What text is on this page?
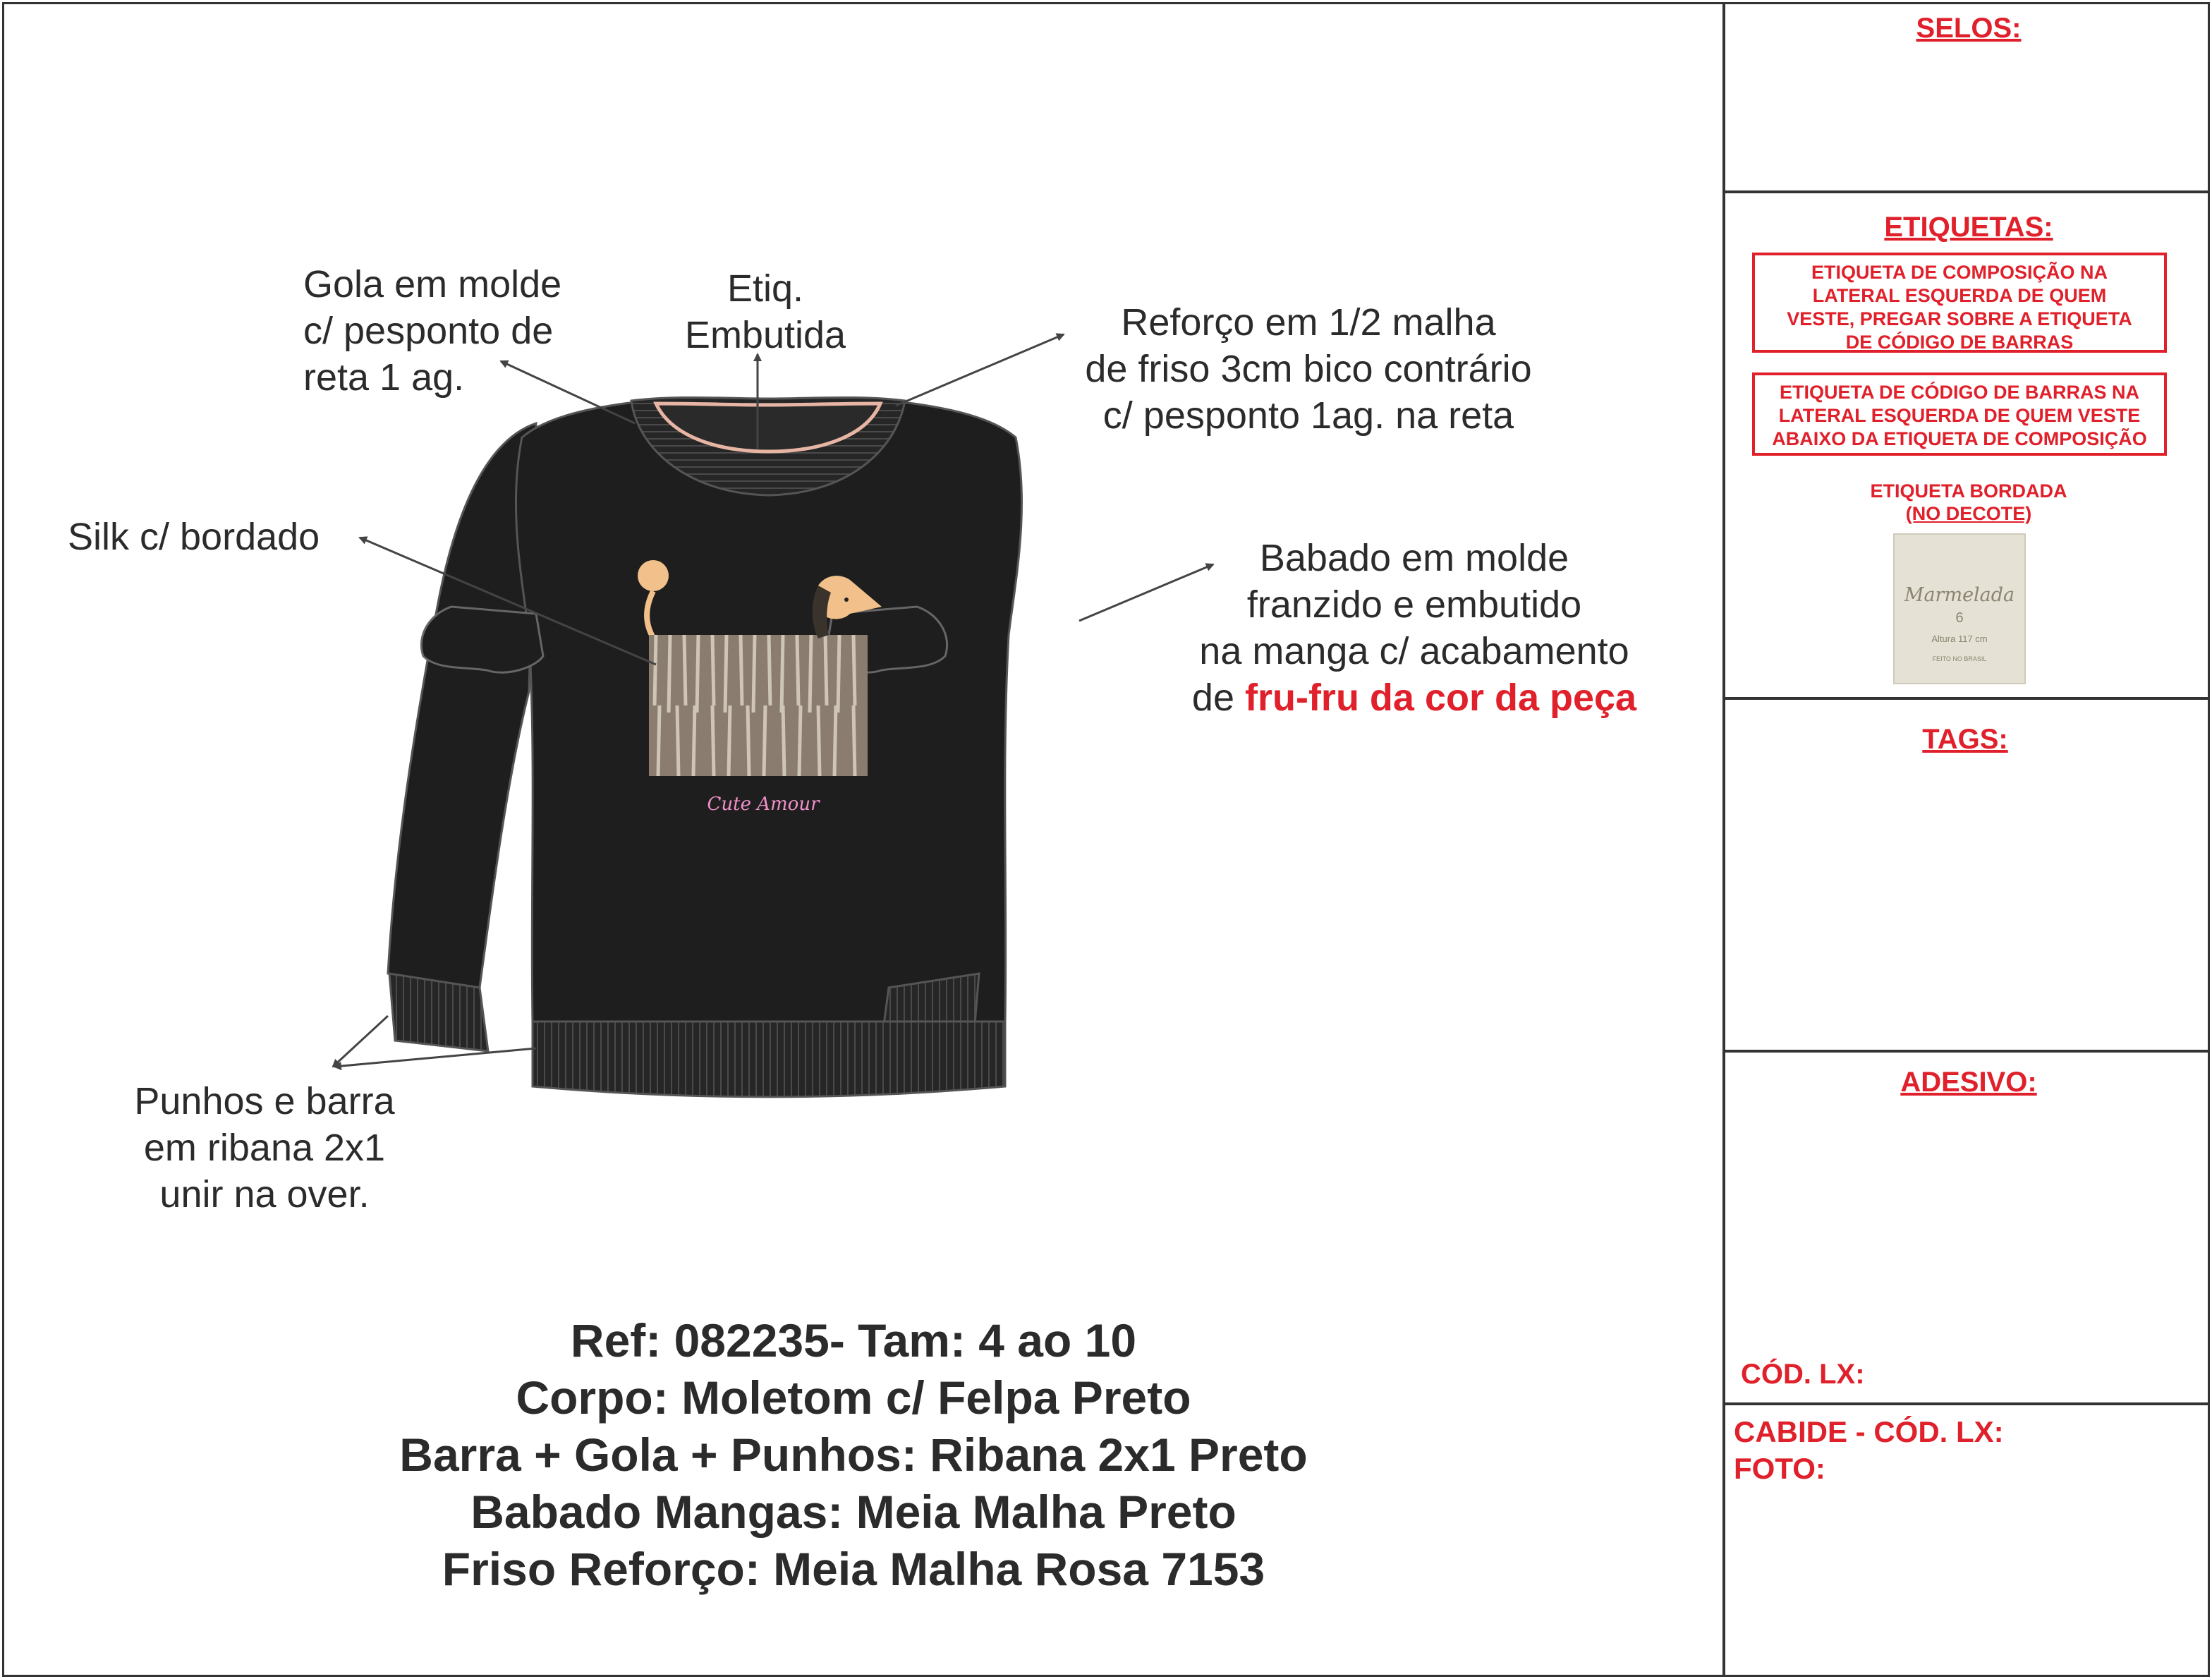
Cute Amour
Gola em molde
c/ pesponto de
reta 1 ag.
Etiq.
Embutida	Reforço em 1/2 malha
de friso 3cm bico contrário
c/ pesponto 1ag. na reta
Silk c/ bordado	Babado em molde
franzido e embutido
na manga c/ acabamento
de fru-fru da cor da peça
Punhos e barra
em ribana 2x1
unir na over.
Ref: 082235- Tam: 4 ao 10
Corpo: Moletom c/ Felpa Preto
Barra + Gola + Punhos: Ribana 2x1 Preto
Babado Mangas: Meia Malha Preto
Friso Reforço: Meia Malha Rosa 7153
SELOS:
ETIQUETAS:
ETIQUETA DE COMPOSIÇÃO NA
LATERAL ESQUERDA DE QUEM
VESTE, PREGAR SOBRE A ETIQUETA
DE CÓDIGO DE BARRAS
ETIQUETA DE CÓDIGO DE BARRAS NA
LATERAL ESQUERDA DE QUEM VESTE
ABAIXO DA ETIQUETA DE COMPOSIÇÃO
ETIQUETA BORDADA
(NO DECOTE)
Marmelada
6
Altura 117 cm
FEITO NO BRASIL
TAGS:
ADESIVO:
CÓD. LX:
CABIDE - CÓD. LX:
FOTO:
